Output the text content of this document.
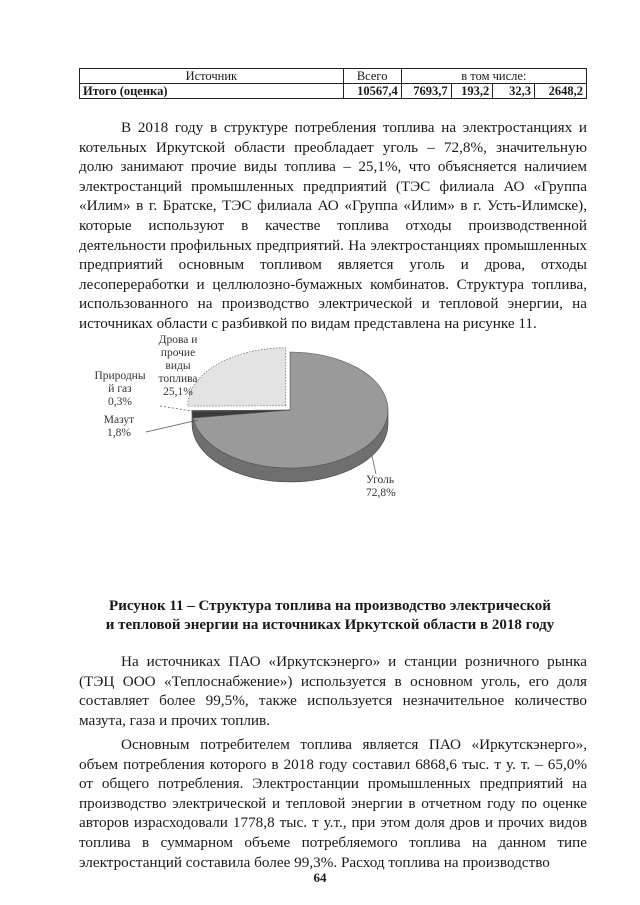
Источник	Всего	в том числе:			
Итого (оценка)	10567,4	7693,7	193,2	32,3	2648,2

В 2018 году в структуре потребления топлива на электростанциях и котельных Иркутской области преобладает уголь – 72,8%, значительную долю занимают прочие виды топлива – 25,1%, что объясняется наличием электростанций промышленных предприятий (ТЭС филиала АО «Группа «Илим» в г. Братске, ТЭС филиала АО «Группа «Илим» в г. Усть-Илимске), которые используют в качестве топлива отходы производственной деятельности профильных предприятий. На электростанциях промышленных предприятий основным топливом является уголь и дрова, отходы лесопереработки и целлюлозно-бумажных комбинатов. Структура топлива, использованного на производство электрической и тепловой энергии, на источниках области с разбивкой по видам представлена на рисунке 11.

Дрова и
прочие
виды
топлива
25,1%
Природны
й газ
0,3%
Мазут
1,8%
Уголь
72,8%
Рисунок 11 – Структура топлива на производство электрической
и тепловой энергии на источниках Иркутской области в 2018 году

На источниках ПАО «Иркутскэнерго» и станции розничного рынка (ТЭЦ ООО «Теплоснабжение») используется в основном уголь, его доля составляет более 99,5%, также используется незначительное количество мазута, газа и прочих топлив.

Основным потребителем топлива является ПАО «Иркутскэнерго», объем потребления которого в 2018 году составил 6868,6 тыс. т у. т. – 65,0% от общего потребления. Электростанции промышленных предприятий на производство электрической и тепловой энергии в отчетном году по оценке авторов израсходовали 1778,8 тыс. т у.т., при этом доля дров и прочих видов топлива в суммарном объеме потребляемого топлива на данном типе электростанций составила более 99,3%. Расход топлива на производство

64
